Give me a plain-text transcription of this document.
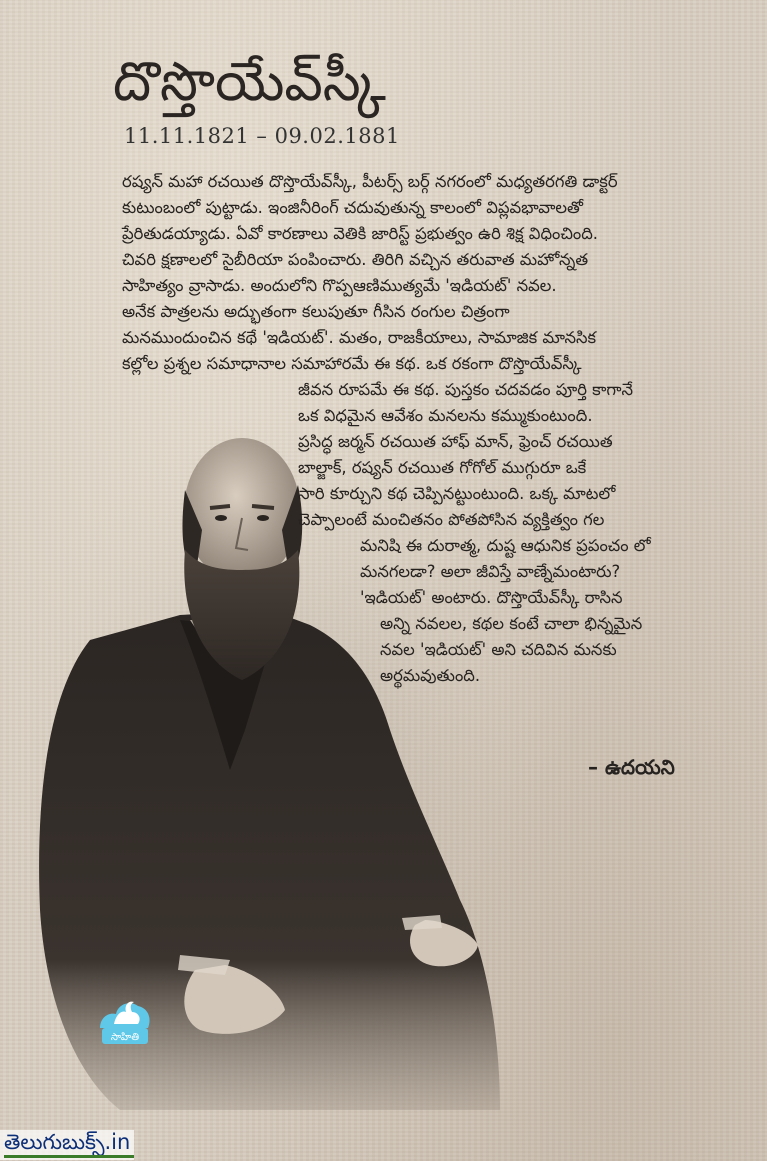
దొస్తొయేవ్‌స్కీ
11.11.1821 – 09.02.1881
రష్యన్ మహా రచయిత దొస్తొయేవ్‌స్కీ, పీటర్స్ బర్గ్ నగరంలో మధ్యతరగతి డాక్టర్
కుటుంబంలో పుట్టాడు. ఇంజినీరింగ్ చదువుతున్న కాలంలో విప్లవభావాలతో
ప్రేరితుడయ్యాడు. ఏవో కారణాలు వెతికి జారిస్ట్ ప్రభుత్వం ఉరి శిక్ష విధించింది.
చివరి క్షణాలలో సైబీరియా పంపించారు. తిరిగి వచ్చిన తరువాత మహోన్నత
సాహిత్యం వ్రాసాడు. అందులోని గొప్పఆణిముత్యమే 'ఇడియట్' నవల.
అనేక పాత్రలను అద్భుతంగా కలుపుతూ గీసిన రంగుల చిత్రంగా
మనముందుంచిన కథే 'ఇడియట్'. మతం, రాజకీయాలు, సామాజిక మానసిక
కల్లోల ప్రశ్నల సమాధానాల సమాహారమే ఈ కథ. ఒక రకంగా దొస్తొయేవ్‌స్కీ
జీవన రూపమే ఈ కథ. పుస్తకం చదవడం పూర్తి కాగానే
ఒక విధమైన ఆవేశం మనలను కమ్ముకుంటుంది.
ప్రసిద్ధ జర్మన్ రచయిత హాఫ్ మాన్, ఫ్రెంచ్ రచయిత
బాల్జాక్, రష్యన్ రచయిత గోగోల్ ముగ్గురూ ఒకే
సారి కూర్చుని కథ చెప్పినట్టుంటుంది. ఒక్క మాటలో
చెప్పాలంటే మంచితనం పోతపోసిన వ్యక్తిత్వం గల
మనిషి ఈ దురాత్మ, దుష్ట ఆధునిక ప్రపంచం లో
మనగలడా? అలా జీవిస్తే వాణ్నేమంటారు?
'ఇడియట్' అంటారు. దొస్తొయేవ్‌స్కీ రాసిన
అన్ని నవలల, కథల కంటే చాలా భిన్నమైన
నవల 'ఇడియట్' అని చదివిన మనకు
అర్థమవుతుంది.
– ఉదయని
సాహితి
తెలుగుబుక్స్.in
